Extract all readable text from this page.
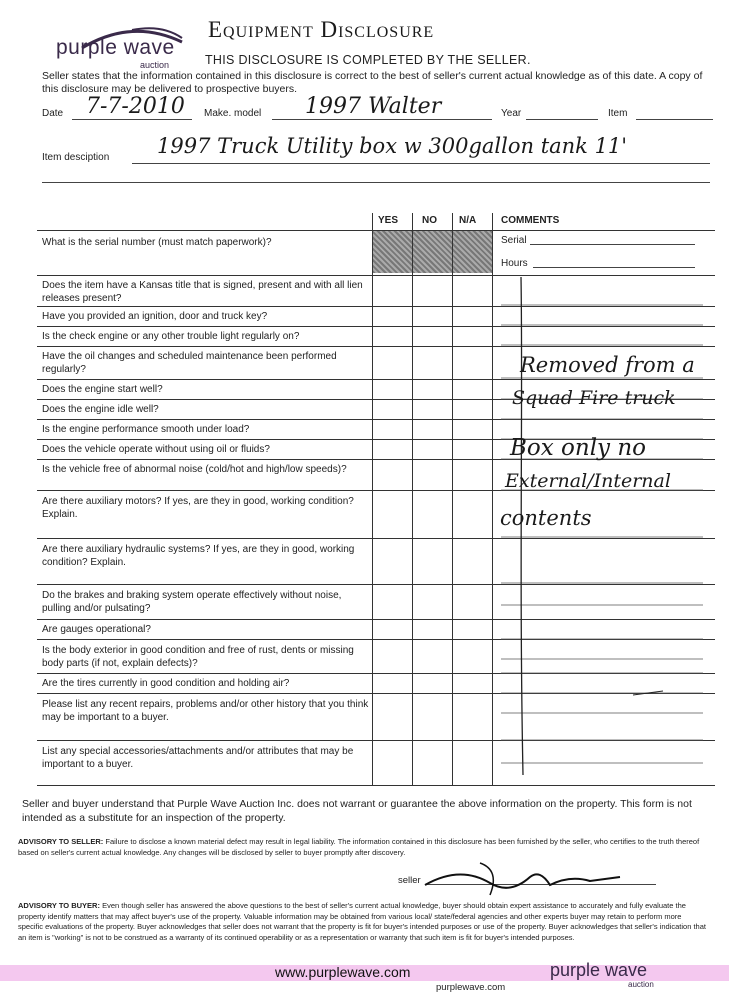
purple wave
auction
Equipment Disclosure
THIS DISCLOSURE IS COMPLETED BY THE SELLER.
Seller states that the information contained in this disclosure is correct to the best of seller's current actual knowledge as of this date. A copy of this disclosure may be delivered to prospective buyers.
Date 7-7-2010 Make. model 1997 Walter	Year	Item
Item desciption 1997 Truck Utility box w 300gallon tank 11'
YES NO N/A COMMENTS
Serial
Hours
What is the serial number (must match paperwork)?
Does the item have a Kansas title that is signed, present and with all lien releases present?
Have you provided an ignition, door and truck key?
Is the check engine or any other trouble light regularly on?
Have the oil changes and scheduled maintenance been performed regularly?
Does the engine start well?
Does the engine idle well?
Is the engine performance smooth under load?
Does the vehicle operate without using oil or fluids?
Is the vehicle free of abnormal noise (cold/hot and high/low speeds)?
Are there auxiliary motors? If yes, are they in good, working condition? Explain.
Are there auxiliary hydraulic systems? If yes, are they in good, working condition? Explain.
Do the brakes and braking system operate effectively without noise, pulling and/or pulsating?
Are gauges operational?
Is the body exterior in good condition and free of rust, dents or missing body parts (if not, explain defects)?
Are the tires currently in good condition and holding air?
Please list any recent repairs, problems and/or other history that you think may be important to a buyer.
List any special accessories/attachments and/or attributes that may be important to a buyer.
Removed from a
Squad Fire truck
Box only no
External/Internal
contents
Seller and buyer understand that Purple Wave Auction Inc. does not warrant or guarantee the above information on the property. This form is not intended as a substitute for an inspection of the property.
ADVISORY TO SELLER: Failure to disclose a known material defect may result in legal liability. The information contained in this disclosure has been furnished by the seller, who certifies to the truth thereof based on seller's current actual knowledge. Any changes will be disclosed by seller to buyer promptly after discovery.
seller
ADVISORY TO BUYER: Even though seller has answered the above questions to the best of seller's current actual knowledge, buyer should obtain expert assistance to accurately and fully evaluate the property identify matters that may affect buyer's use of the property. Valuable information may be obtained from various local/ state/federal agencies and other experts buyer may retain to perform more specific evaluations of the property. Buyer acknowledges that seller does not warrant that the property is fit for buyer's intended purposes or use of the property. Buyer acknowledges that seller's indication that an item is "working" is not to be construed as a warranty of its continued operability or as a representation or warranty that such item is fit for buyer's intended purposes.
www.purplewave.com
purplewave.com
purple wave
auction
